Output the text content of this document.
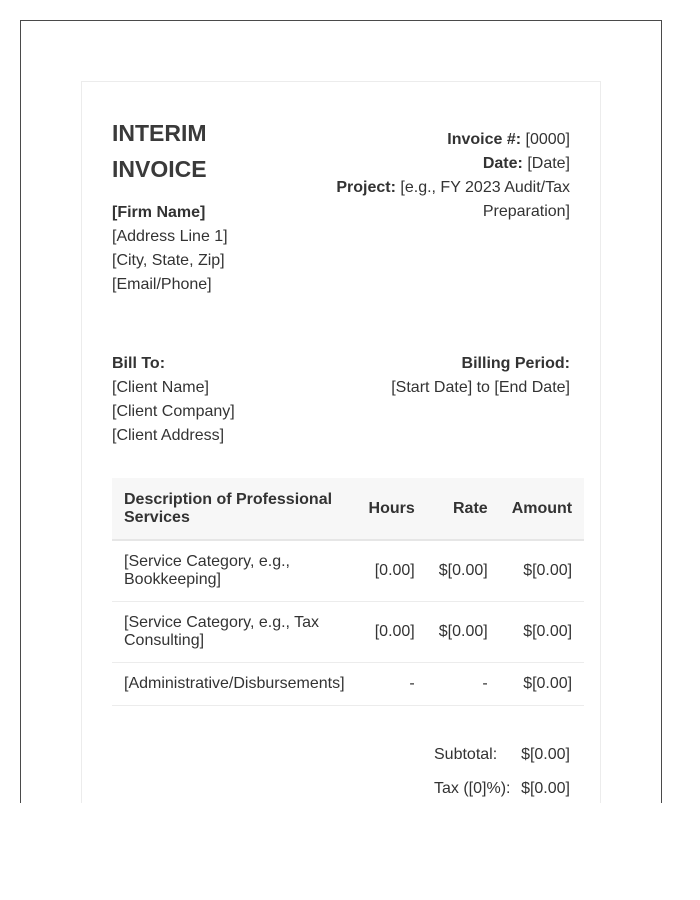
INTERIM
INVOICE
Invoice #: [0000]
Date: [Date]
Project: [e.g., FY 2023 Audit/Tax Preparation]
[Firm Name]
[Address Line 1]
[City, State, Zip]
[Email/Phone]
Bill To:
[Client Name]
[Client Company]
[Client Address]
Billing Period:
[Start Date] to [End Date]
Description of Professional Services	Hours	Rate	Amount
[Service Category, e.g., Bookkeeping]	[0.00]	$[0.00]	$[0.00]
[Service Category, e.g., Tax Consulting]	[0.00]	$[0.00]	$[0.00]
[Administrative/Disbursements]	-	-	$[0.00]
Subtotal:	$[0.00]
Tax ([0]%): $[0.00]
